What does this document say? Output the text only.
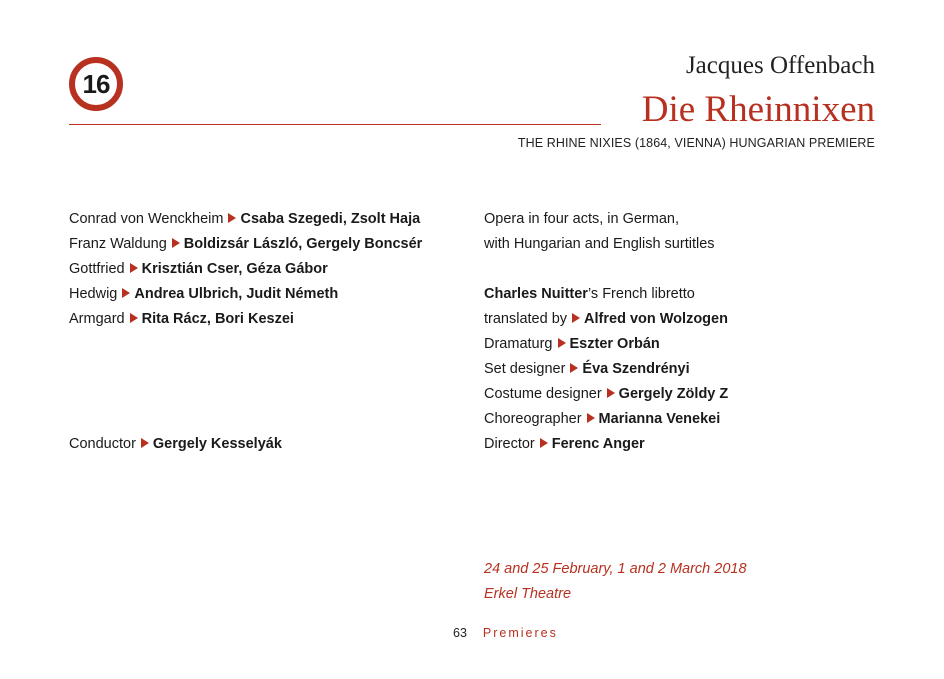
16
Jacques Offenbach
Die Rheinnixen
THE RHINE NIXIES (1864, VIENNA) HUNGARIAN PREMIERE
Conrad von Wenckheim Csaba Szegedi, Zsolt Haja
Franz Waldung Boldizsár László, Gergely Boncsér
Gottfried Krisztián Cser, Géza Gábor
Hedwig Andrea Ulbrich, Judit Németh
Armgard Rita Rácz, Bori Keszei
Conductor Gergely Kesselyák
Opera in four acts, in German,
with Hungarian and English surtitles
Charles Nuitter’s French libretto
translated by Alfred von Wolzogen
Dramaturg Eszter Orbán
Set designer Éva Szendrényi
Costume designer Gergely Zöldy Z
Choreographer Marianna Venekei
Director Ferenc Anger
24 and 25 February, 1 and 2 March 2018
Erkel Theatre
63 Premieres
